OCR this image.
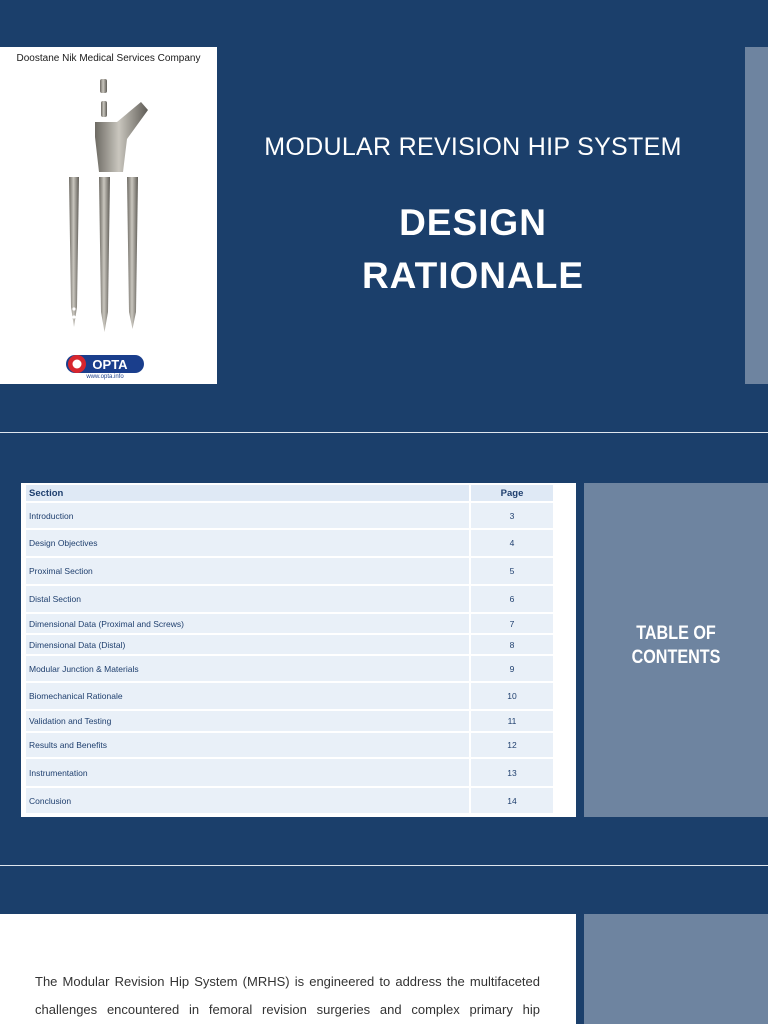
Doostane Nik Medical Services Company
OPTA
www.opta.info
MODULAR REVISION HIP SYSTEM
DESIGN
RATIONALE
Section	Page
Introduction	3
Design Objectives	4
Proximal Section	5
Distal Section	6
Dimensional Data (Proximal and Screws)	7
Dimensional Data (Distal)	8
Modular Junction & Materials	9
Biomechanical Rationale	10
Validation and Testing	11
Results and Benefits	12
Instrumentation	13
Conclusion	14
TABLE OF
CONTENTS
The Modular Revision Hip System (MRHS) is engineered to address the multifaceted challenges encountered in femoral revision surgeries and complex primary hip
